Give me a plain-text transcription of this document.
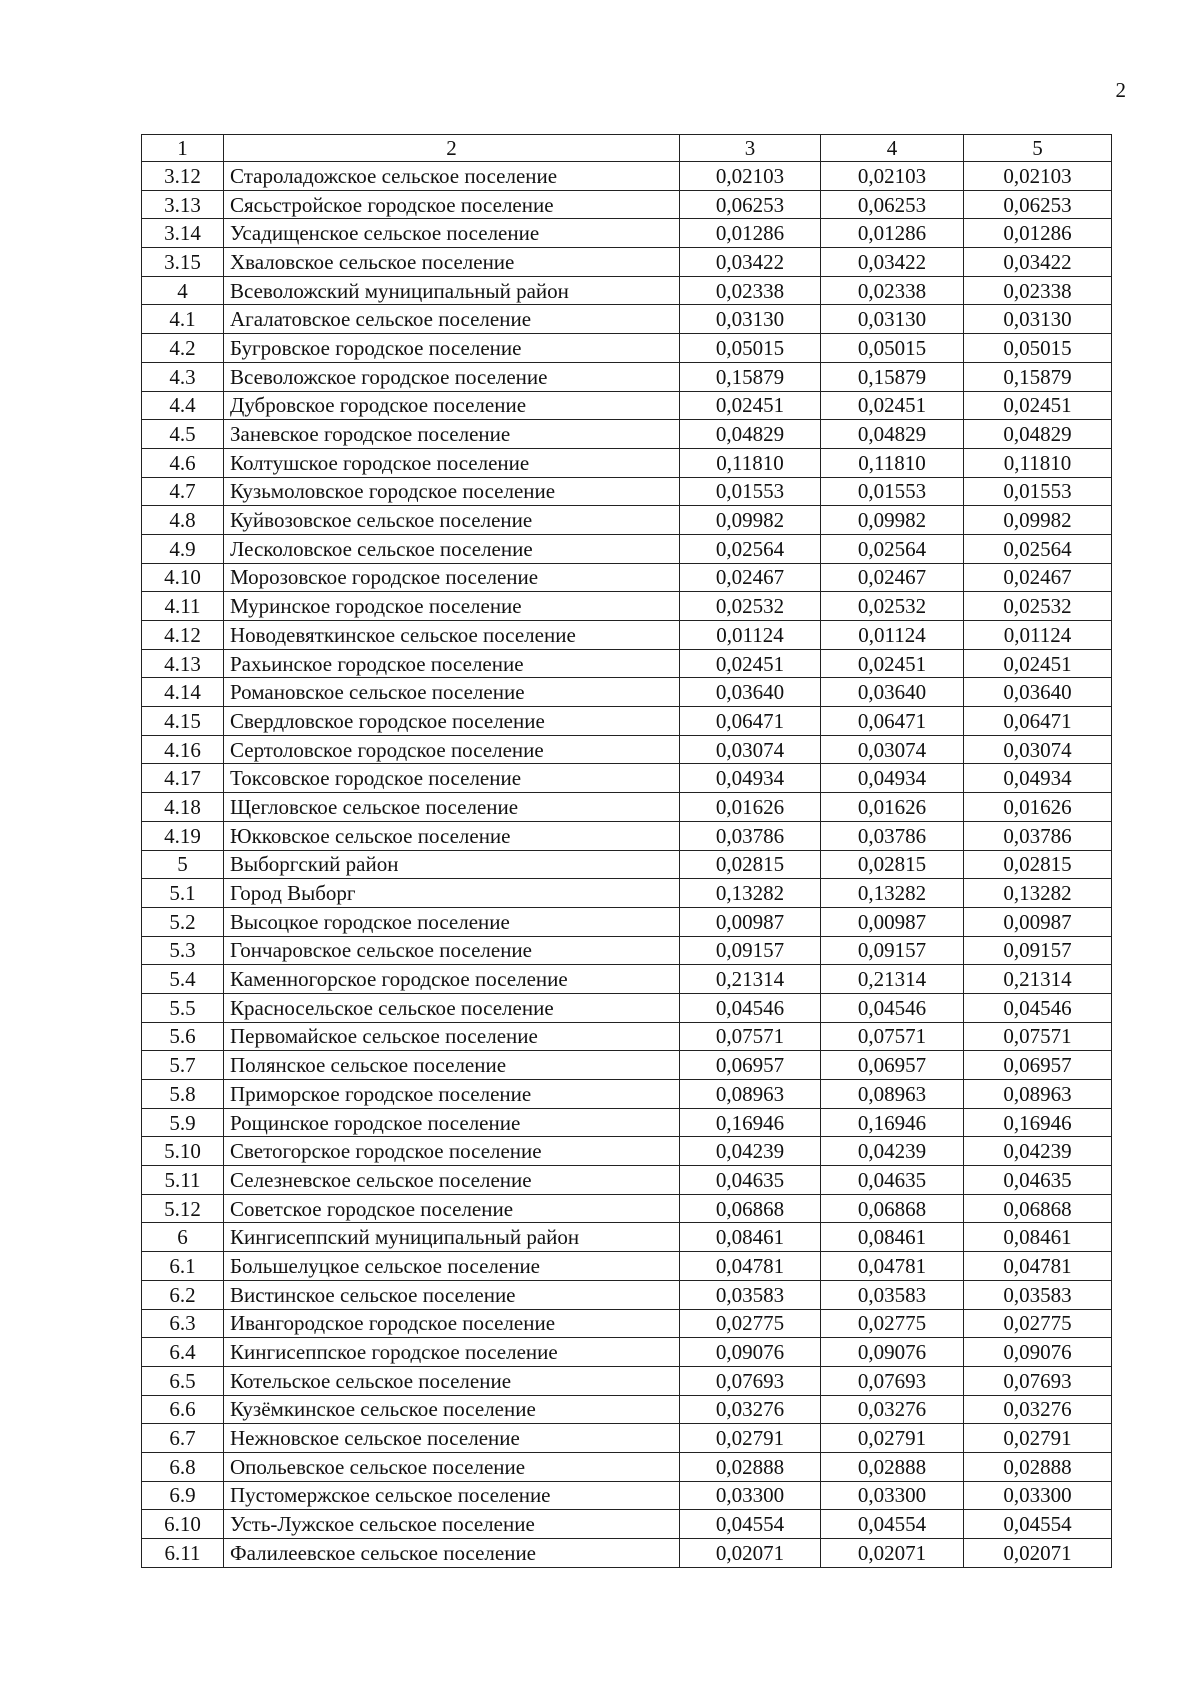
2
1	2	3	4	5
3.12	Староладожское сельское поселение	0,02103	0,02103	0,02103
3.13	Сясьстройское городское поселение	0,06253	0,06253	0,06253
3.14	Усадищенское сельское поселение	0,01286	0,01286	0,01286
3.15	Хваловское сельское поселение	0,03422	0,03422	0,03422
4	Всеволожский муниципальный район	0,02338	0,02338	0,02338
4.1	Агалатовское сельское поселение	0,03130	0,03130	0,03130
4.2	Бугровское городское поселение	0,05015	0,05015	0,05015
4.3	Всеволожское городское поселение	0,15879	0,15879	0,15879
4.4	Дубровское городское поселение	0,02451	0,02451	0,02451
4.5	Заневское городское поселение	0,04829	0,04829	0,04829
4.6	Колтушское городское поселение	0,11810	0,11810	0,11810
4.7	Кузьмоловское городское поселение	0,01553	0,01553	0,01553
4.8	Куйвозовское сельское поселение	0,09982	0,09982	0,09982
4.9	Лесколовское сельское поселение	0,02564	0,02564	0,02564
4.10	Морозовское городское поселение	0,02467	0,02467	0,02467
4.11	Муринское городское поселение	0,02532	0,02532	0,02532
4.12	Новодевяткинское сельское поселение	0,01124	0,01124	0,01124
4.13	Рахьинское городское поселение	0,02451	0,02451	0,02451
4.14	Романовское сельское поселение	0,03640	0,03640	0,03640
4.15	Свердловское городское поселение	0,06471	0,06471	0,06471
4.16	Сертоловское городское поселение	0,03074	0,03074	0,03074
4.17	Токсовское городское поселение	0,04934	0,04934	0,04934
4.18	Щегловское сельское поселение	0,01626	0,01626	0,01626
4.19	Юкковское сельское поселение	0,03786	0,03786	0,03786
5	Выборгский район	0,02815	0,02815	0,02815
5.1	Город Выборг	0,13282	0,13282	0,13282
5.2	Высоцкое городское поселение	0,00987	0,00987	0,00987
5.3	Гончаровское сельское поселение	0,09157	0,09157	0,09157
5.4	Каменногорское городское поселение	0,21314	0,21314	0,21314
5.5	Красносельское сельское поселение	0,04546	0,04546	0,04546
5.6	Первомайское сельское поселение	0,07571	0,07571	0,07571
5.7	Полянское сельское поселение	0,06957	0,06957	0,06957
5.8	Приморское городское поселение	0,08963	0,08963	0,08963
5.9	Рощинское городское поселение	0,16946	0,16946	0,16946
5.10	Светогорское городское поселение	0,04239	0,04239	0,04239
5.11	Селезневское сельское поселение	0,04635	0,04635	0,04635
5.12	Советское городское поселение	0,06868	0,06868	0,06868
6	Кингисеппский муниципальный район	0,08461	0,08461	0,08461
6.1	Большелуцкое сельское поселение	0,04781	0,04781	0,04781
6.2	Вистинское сельское поселение	0,03583	0,03583	0,03583
6.3	Ивангородское городское поселение	0,02775	0,02775	0,02775
6.4	Кингисеппское городское поселение	0,09076	0,09076	0,09076
6.5	Котельское сельское поселение	0,07693	0,07693	0,07693
6.6	Кузёмкинское сельское поселение	0,03276	0,03276	0,03276
6.7	Нежновское сельское поселение	0,02791	0,02791	0,02791
6.8	Опольевское сельское поселение	0,02888	0,02888	0,02888
6.9	Пустомержское сельское поселение	0,03300	0,03300	0,03300
6.10	Усть-Лужское сельское поселение	0,04554	0,04554	0,04554
6.11	Фалилеевское сельское поселение	0,02071	0,02071	0,02071
